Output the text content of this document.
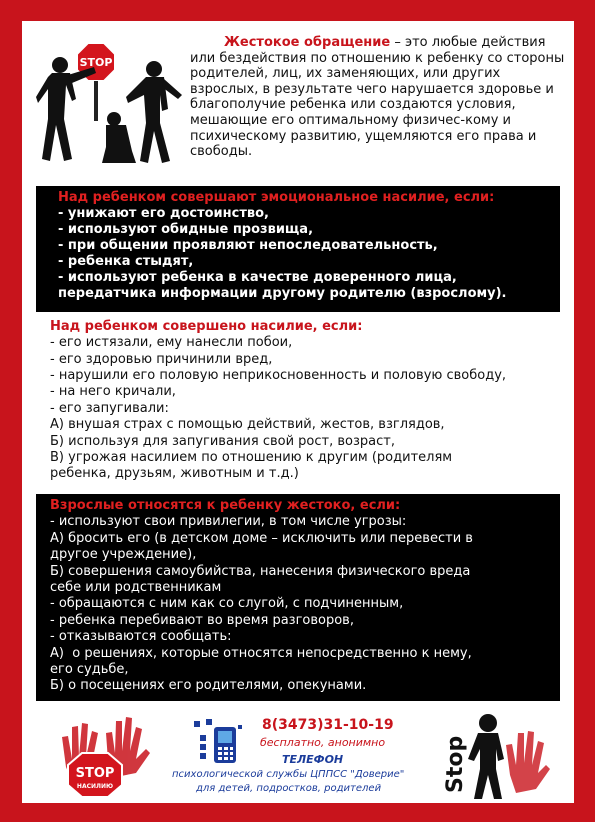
STOP
Жестокое обращение – это любые действия или бездействия по отношению к ребенку со стороны родителей, лиц, их заменяющих, или других взрослых, в результате чего нарушается здоровье и благополучие ребенка или создаются условия, мешающие его оптимальному физичес-кому и психическому развитию, ущемляются его права и свободы.
Над ребенком совершают эмоциональное насилие, если:
- унижают его достоинство,
- используют обидные прозвища,
- при общении проявляют непоследовательность,
- ребенка стыдят,
- используют ребенка в качестве доверенного лица,
передатчика информации другому родителю (взрослому).
Над ребенком совершено насилие, если:
- его истязали, ему нанесли побои,
- его здоровью причинили вред,
- нарушили его половую неприкосновенность и половую свободу,
- на него кричали,
- его запугивали:
А) внушая страх с помощью действий, жестов, взглядов,
Б) используя для запугивания свой рост, возраст,
В) угрожая насилием по отношению к другим (родителям
ребенка, друзьям, животным и т.д.)
Взрослые относятся к ребенку жестоко, если:
- используют свои привилегии, в том числе угрозы:
А) бросить его (в детском доме – исключить или перевести в
другое учреждение),
Б) совершения самоубийства, нанесения физического вреда
себе или родственникам
- обращаются с ним как со слугой, с подчиненным,
- ребенка перебивают во время разговоров,
- отказываются сообщать:
А)  о решениях, которые относятся непосредственно к нему,
его судьбе,
Б) о посещениях его родителями, опекунами.
STOP
НАСИЛИЮ
8(3473)31-10-19
бесплатно, анонимно
ТЕЛЕФОН
психологической службы ЦППСС "Доверие"
для детей, подростков, родителей	Stop
